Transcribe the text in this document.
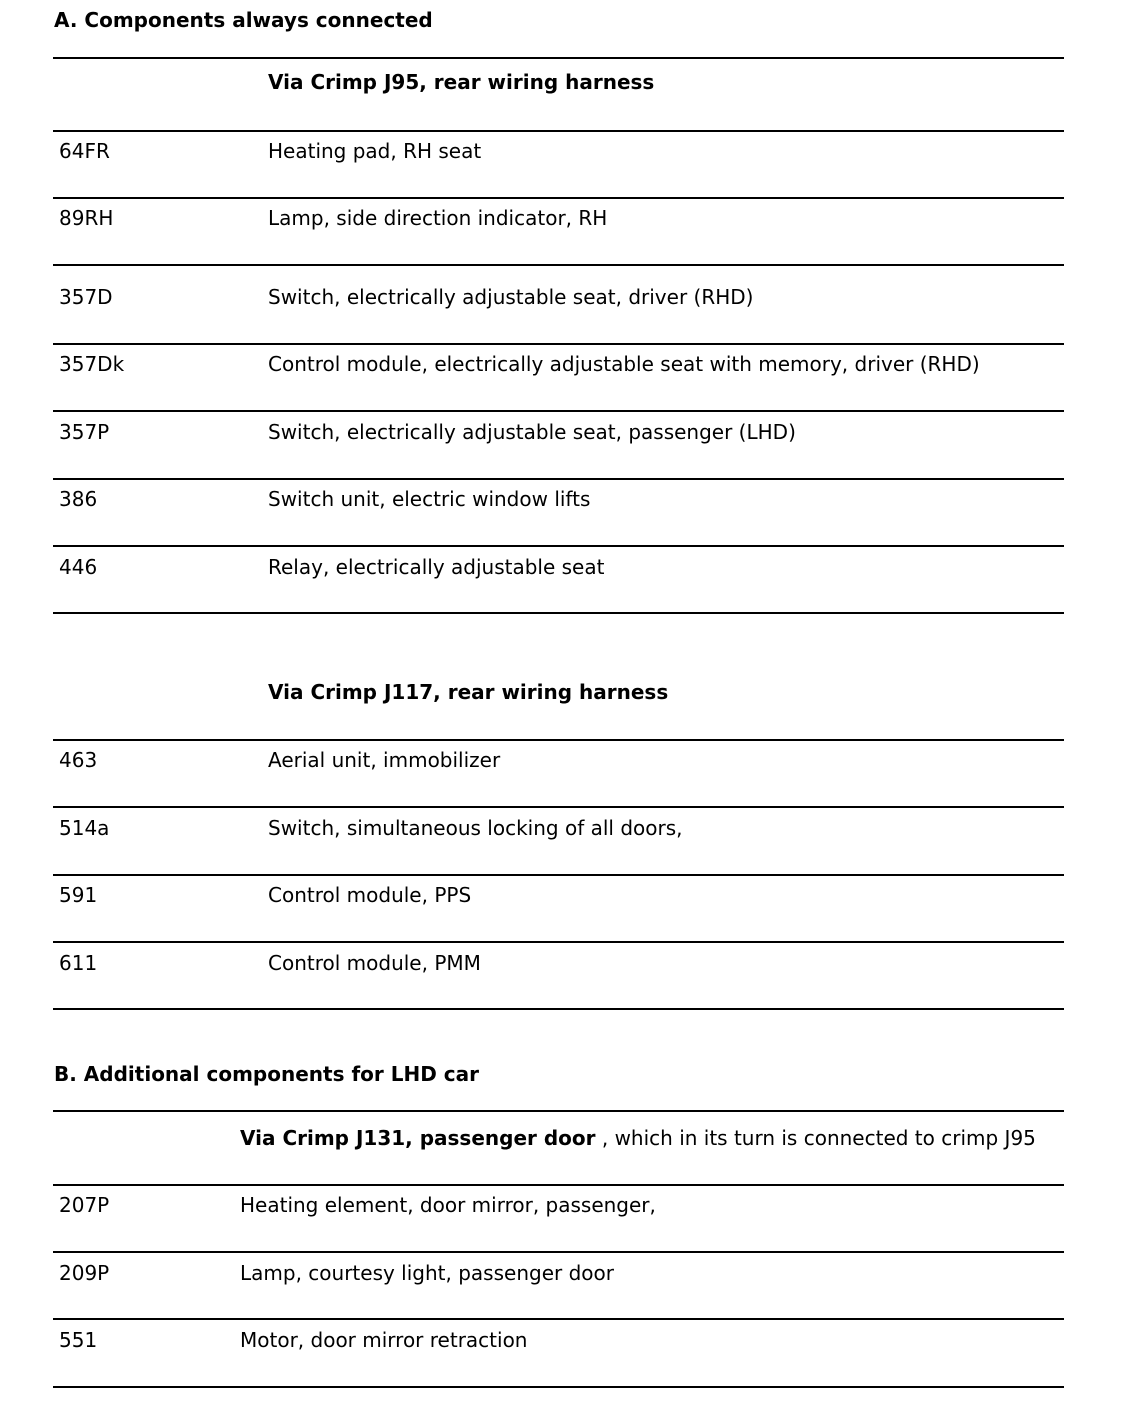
A. Components always connected
Via Crimp J95, rear wiring harness
64FR	Heating pad, RH seat
89RH	Lamp, side direction indicator, RH
357D	Switch, electrically adjustable seat, driver (RHD)
357Dk	Control module, electrically adjustable seat with memory, driver (RHD)
357P	Switch, electrically adjustable seat, passenger (LHD)
386	Switch unit, electric window lifts
446	Relay, electrically adjustable seat
Via Crimp J117, rear wiring harness
463	Aerial unit, immobilizer
514a	Switch, simultaneous locking of all doors,
591	Control module, PPS
611	Control module, PMM
B. Additional components for LHD car
Via Crimp J131, passenger door , which in its turn is connected to crimp J95
207P	Heating element, door mirror, passenger,
209P	Lamp, courtesy light, passenger door
551	Motor, door mirror retraction
